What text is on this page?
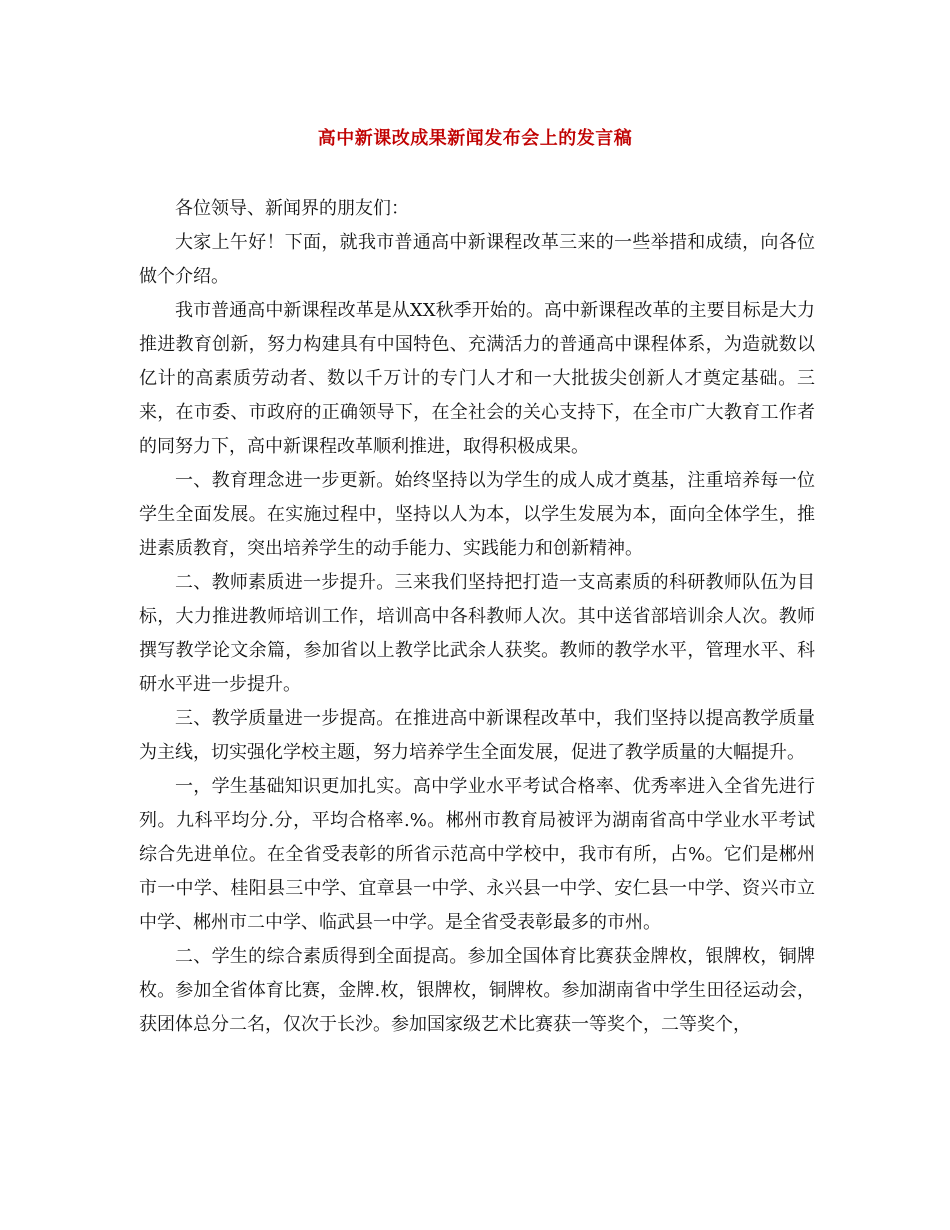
高中新课改成果新闻发布会上的发言稿

各位领导、新闻界的朋友们：

大家上午好！下面，就我市普通高中新课程改革三来的一些举措和成绩，向各位做个介绍。

我市普通高中新课程改革是从XX秋季开始的。高中新课程改革的主要目标是大力推进教育创新，努力构建具有中国特色、充满活力的普通高中课程体系，为造就数以亿计的高素质劳动者、数以千万计的专门人才和一大批拔尖创新人才奠定基础。三来，在市委、市政府的正确领导下，在全社会的关心支持下，在全市广大教育工作者的同努力下，高中新课程改革顺利推进，取得积极成果。

一、教育理念进一步更新。始终坚持以为学生的成人成才奠基，注重培养每一位学生全面发展。在实施过程中，坚持以人为本，以学生发展为本，面向全体学生，推进素质教育，突出培养学生的动手能力、实践能力和创新精神。

二、教师素质进一步提升。三来我们坚持把打造一支高素质的科研教师队伍为目标，大力推进教师培训工作，培训高中各科教师人次。其中送省部培训余人次。教师撰写教学论文余篇，参加省以上教学比武余人获奖。教师的教学水平，管理水平、科研水平进一步提升。

三、教学质量进一步提高。在推进高中新课程改革中，我们坚持以提高教学质量为主线，切实强化学校主题，努力培养学生全面发展，促进了教学质量的大幅提升。

一，学生基础知识更加扎实。高中学业水平考试合格率、优秀率进入全省先进行列。九科平均分.分，平均合格率.%。郴州市教育局被评为湖南省高中学业水平考试综合先进单位。在全省受表彰的所省示范高中学校中，我市有所，占%。它们是郴州市一中学、桂阳县三中学、宜章县一中学、永兴县一中学、安仁县一中学、资兴市立中学、郴州市二中学、临武县一中学。是全省受表彰最多的市州。

二、学生的综合素质得到全面提高。参加全国体育比赛获金牌枚，银牌枚，铜牌枚。参加全省体育比赛，金牌.枚，银牌枚，铜牌枚。参加湖南省中学生田径运动会，获团体总分二名，仅次于长沙。参加国家级艺术比赛获一等奖个，二等奖个，
